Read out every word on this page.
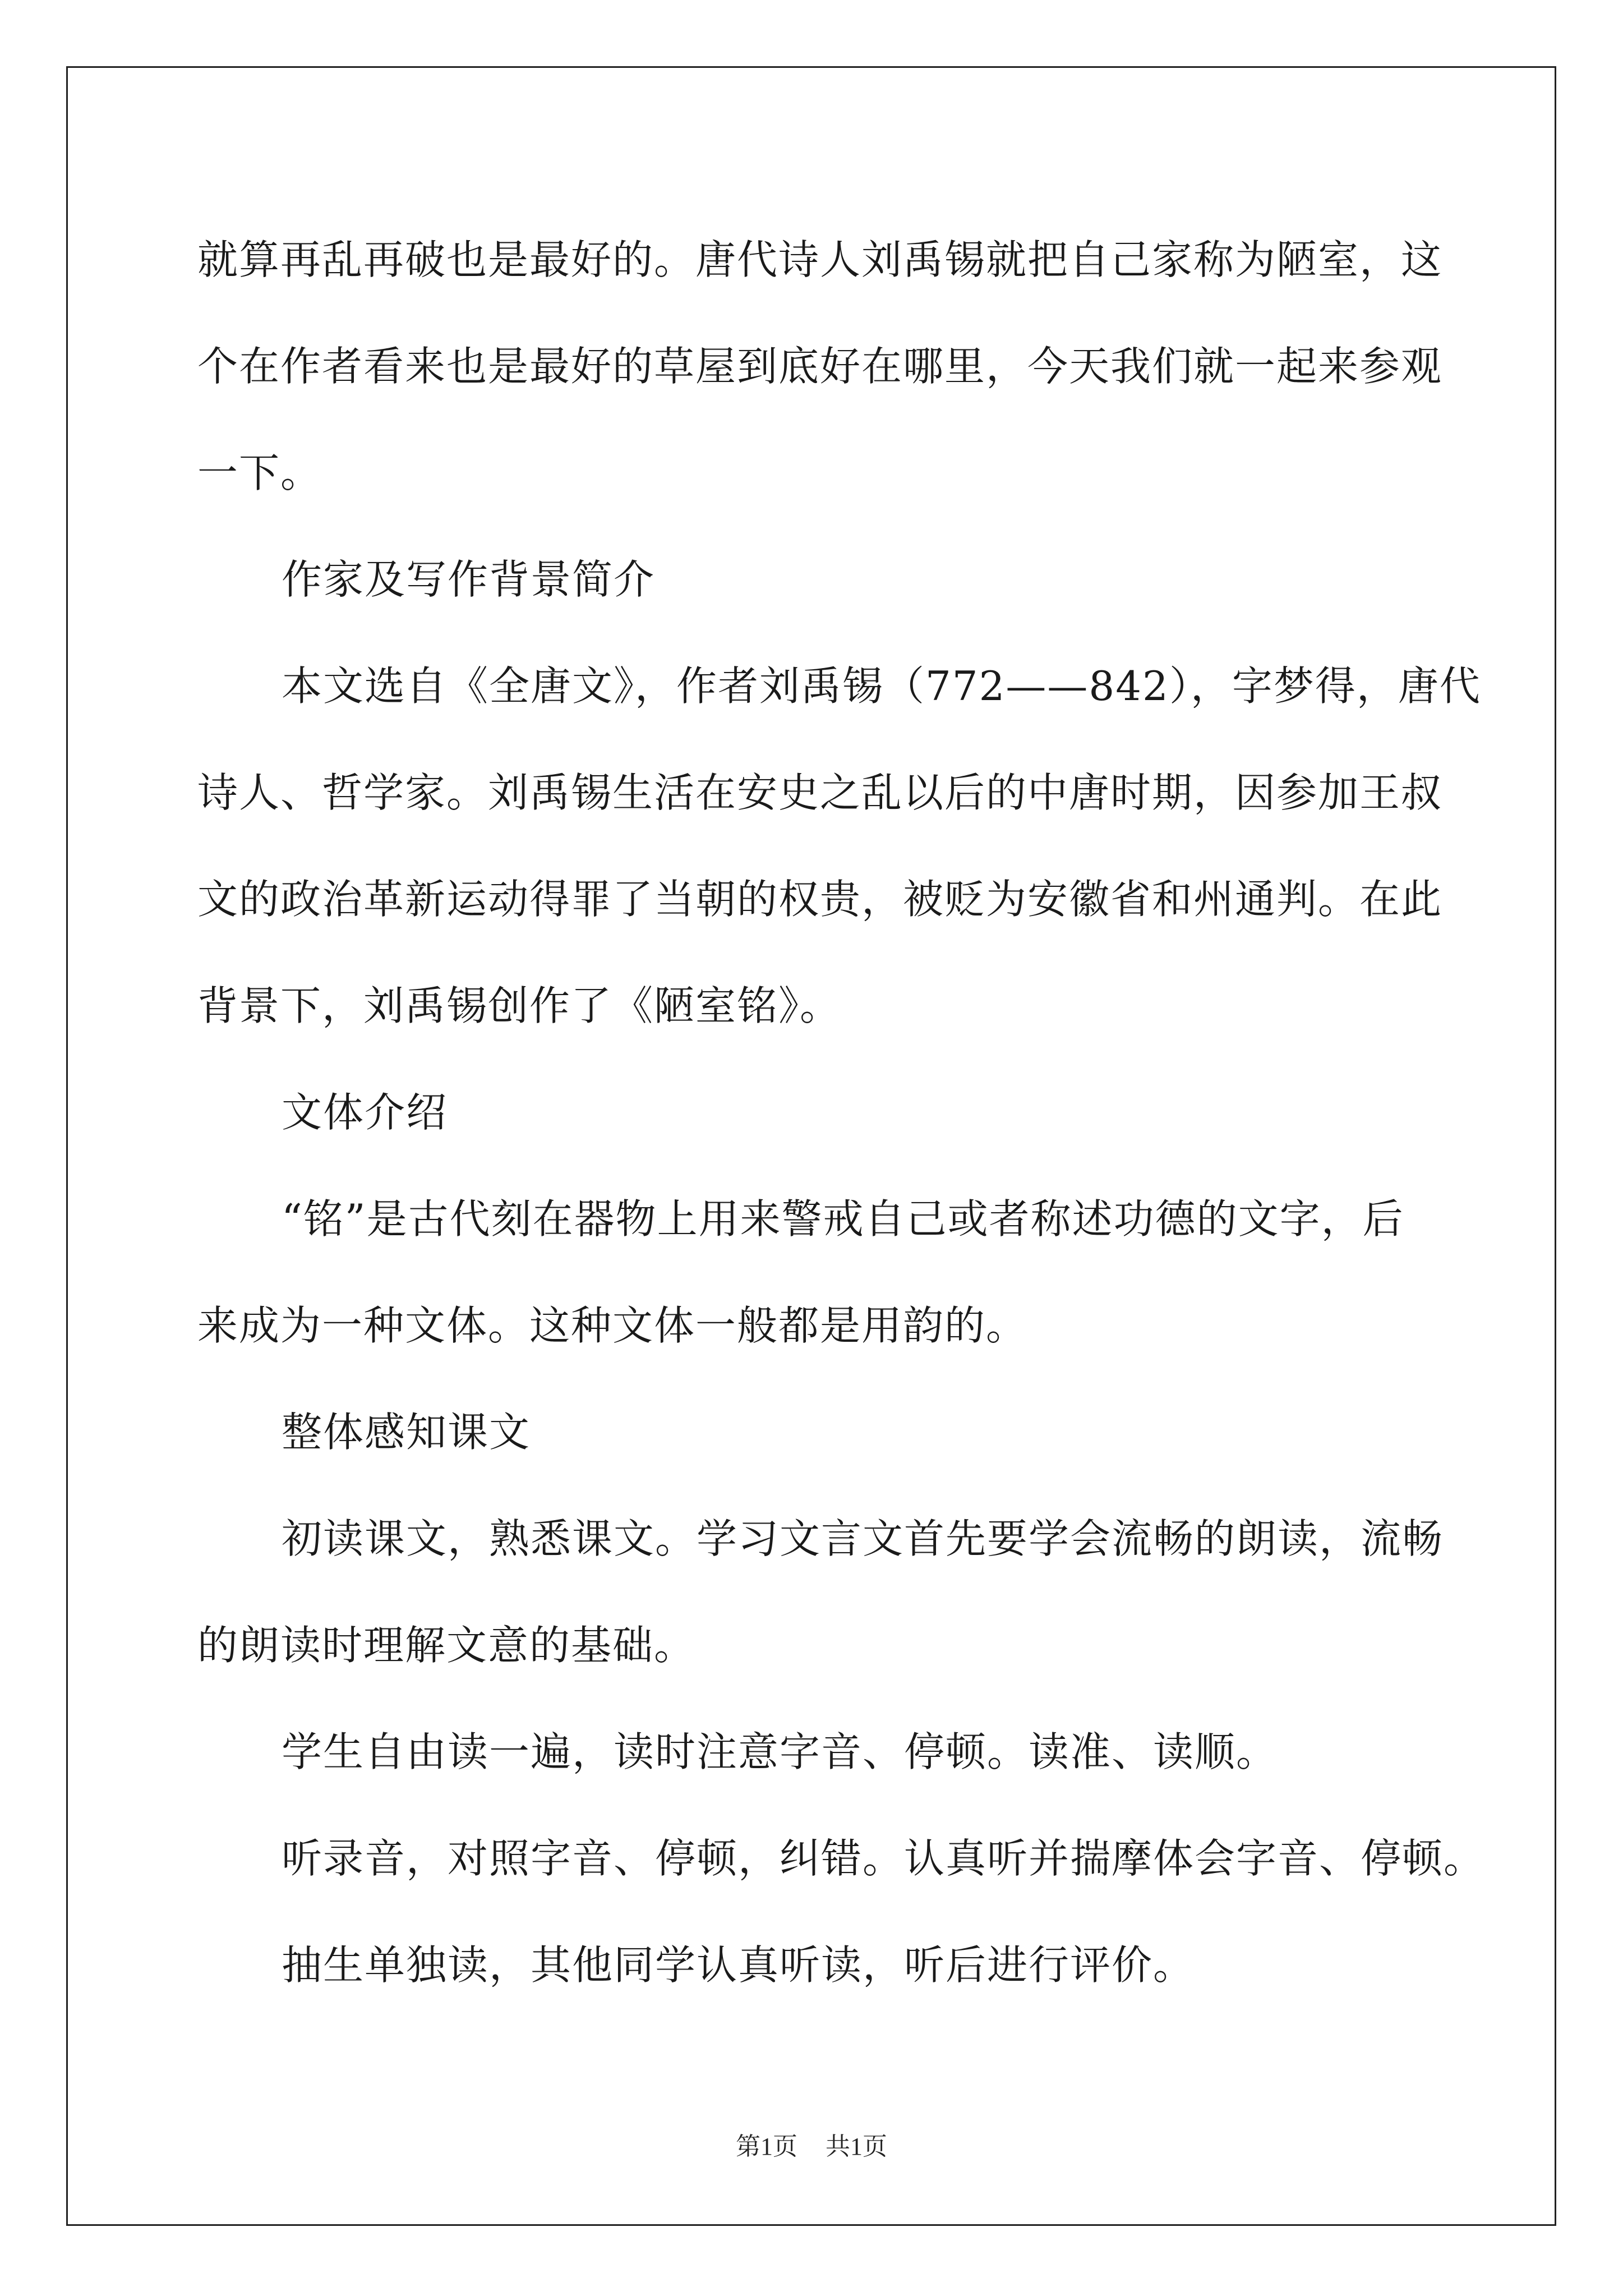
就算再乱再破也是最好的。唐代诗人刘禹锡就把自己家称为陋室，这
个在作者看来也是最好的草屋到底好在哪里，今天我们就一起来参观
一下。
作家及写作背景简介
本文选自《全唐文》，作者刘禹锡（772——842），字梦得，唐代
诗人、哲学家。刘禹锡生活在安史之乱以后的中唐时期，因参加王叔
文的政治革新运动得罪了当朝的权贵，被贬为安徽省和州通判。在此
背景下，刘禹锡创作了《陋室铭》。
文体介绍
“铭”是古代刻在器物上用来警戒自己或者称述功德的文字，后
来成为一种文体。这种文体一般都是用韵的。
整体感知课文
初读课文，熟悉课文。学习文言文首先要学会流畅的朗读，流畅
的朗读时理解文意的基础。
学生自由读一遍，读时注意字音、停顿。读准、读顺。
听录音，对照字音、停顿，纠错。认真听并揣摩体会字音、停顿。
抽生单独读，其他同学认真听读，听后进行评价。
第1页 共1页
